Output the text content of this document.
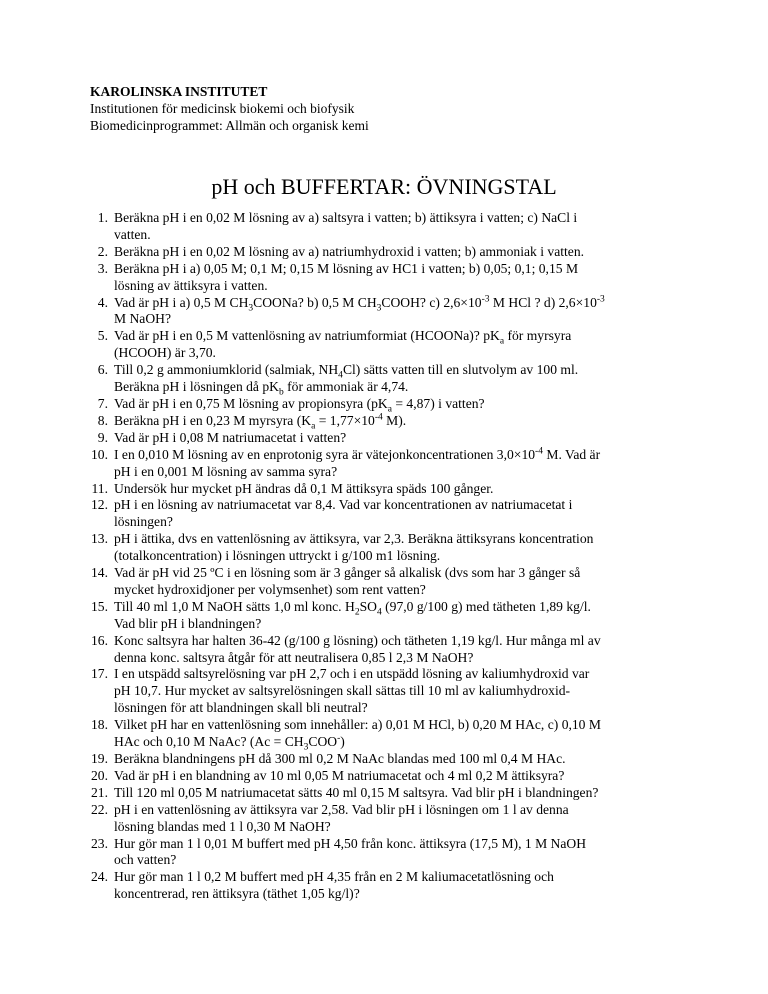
KAROLINSKA INSTITUTET
Institutionen för medicinsk biokemi och biofysik
Biomedicinprogrammet: Allmän och organisk kemi
pH och BUFFERTAR: ÖVNINGSTAL
1. Beräkna pH i en 0,02 M lösning av a) saltsyra i vatten; b) ättiksyra i vatten; c) NaCl i
vatten.
2. Beräkna pH i en 0,02 M lösning av a) natriumhydroxid i vatten; b) ammoniak i vatten.
3. Beräkna pH i a) 0,05 M; 0,1 M; 0,15 M lösning av HC1 i vatten; b) 0,05; 0,1; 0,15 M
lösning av ättiksyra i vatten.
4. Vad är pH i a) 0,5 M $CH_3COONa$? b) 0,5 M $CH_3COOH$? c) $2,6\times 10^{-3}$ M HCl ? d) $2,6\times 10^{-3}$
M NaOH?
5. Vad är pH i en 0,5 M vattenlösning av natriumformiat (HCOONa)? $pK_a$ för myrsyra
(HCOOH) är 3,70.
6. Till 0,2 g ammoniumklorid (salmiak, $NH_4Cl$) sätts vatten till en slutvolym av 100 ml.
Beräkna pH i lösningen då $pK_b$ för ammoniak är 4,74.
7. Vad är pH i en 0,75 M lösning av propionsyra $(pK_a = 4,87)$ i vatten?
8. Beräkna pH i en 0,23 M myrsyra ($K_a = 1,77\times 10^{-4}$ M).
9. Vad är pH i 0,08 M natriumacetat i vatten?
10. I en 0,010 M lösning av en enprotonig syra är vätejonkoncentrationen $3,0\times 10^{-4}$ M. Vad är
pH i en 0,001 M lösning av samma syra?
11. Undersök hur mycket pH ändras då 0,1 M ättiksyra späds 100 gånger.
12. pH i en lösning av natriumacetat var 8,4. Vad var koncentrationen av natriumacetat i
lösningen?
13. pH i ättika, dvs en vattenlösning av ättiksyra, var 2,3. Beräkna ättiksyrans koncentration
(totalkoncentration) i lösningen uttryckt i g/100 m1 lösning.
14. Vad är pH vid 25 ºC i en lösning som är 3 gånger så alkalisk (dvs som har 3 gånger så
mycket hydroxidjoner per volymsenhet) som rent vatten?
15. Till 40 ml 1,0 M NaOH sätts 1,0 ml konc. $H_2SO_4$ (97,0 g/100 g) med tätheten 1,89 kg/l.
Vad blir pH i blandningen?
16. Konc saltsyra har halten 36-42 (g/100 g lösning) och tätheten 1,19 kg/l. Hur många ml av
denna konc. saltsyra åtgår för att neutralisera 0,85 l 2,3 M NaOH?
17. I en utspädd saltsyrelösning var pH 2,7 och i en utspädd lösning av kaliumhydroxid var
pH 10,7. Hur mycket av saltsyrelösningen skall sättas till 10 ml av kaliumhydroxid-
lösningen för att blandningen skall bli neutral?
18. Vilket pH har en vattenlösning som innehåller: a) 0,01 M HCl, b) 0,20 M HAc, c) 0,10 M
HAc och 0,10 M NaAc? $(Ac = CH_3COO^-)$
19. Beräkna blandningens pH då 300 ml 0,2 M NaAc blandas med 100 ml 0,4 M HAc.
20. Vad är pH i en blandning av 10 ml 0,05 M natriumacetat och 4 ml 0,2 M ättiksyra?
21. Till 120 ml 0,05 M natriumacetat sätts 40 ml 0,15 M saltsyra. Vad blir pH i blandningen?
22. pH i en vattenlösning av ättiksyra var 2,58. Vad blir pH i lösningen om 1 l av denna
lösning blandas med 1 l 0,30 M NaOH?
23. Hur gör man 1 l 0,01 M buffert med pH 4,50 från konc. ättiksyra (17,5 M), 1 M NaOH
och vatten?
24. Hur gör man 1 l 0,2 M buffert med pH 4,35 från en 2 M kaliumacetatlösning och
koncentrerad, ren ättiksyra (täthet 1,05 kg/l)?
